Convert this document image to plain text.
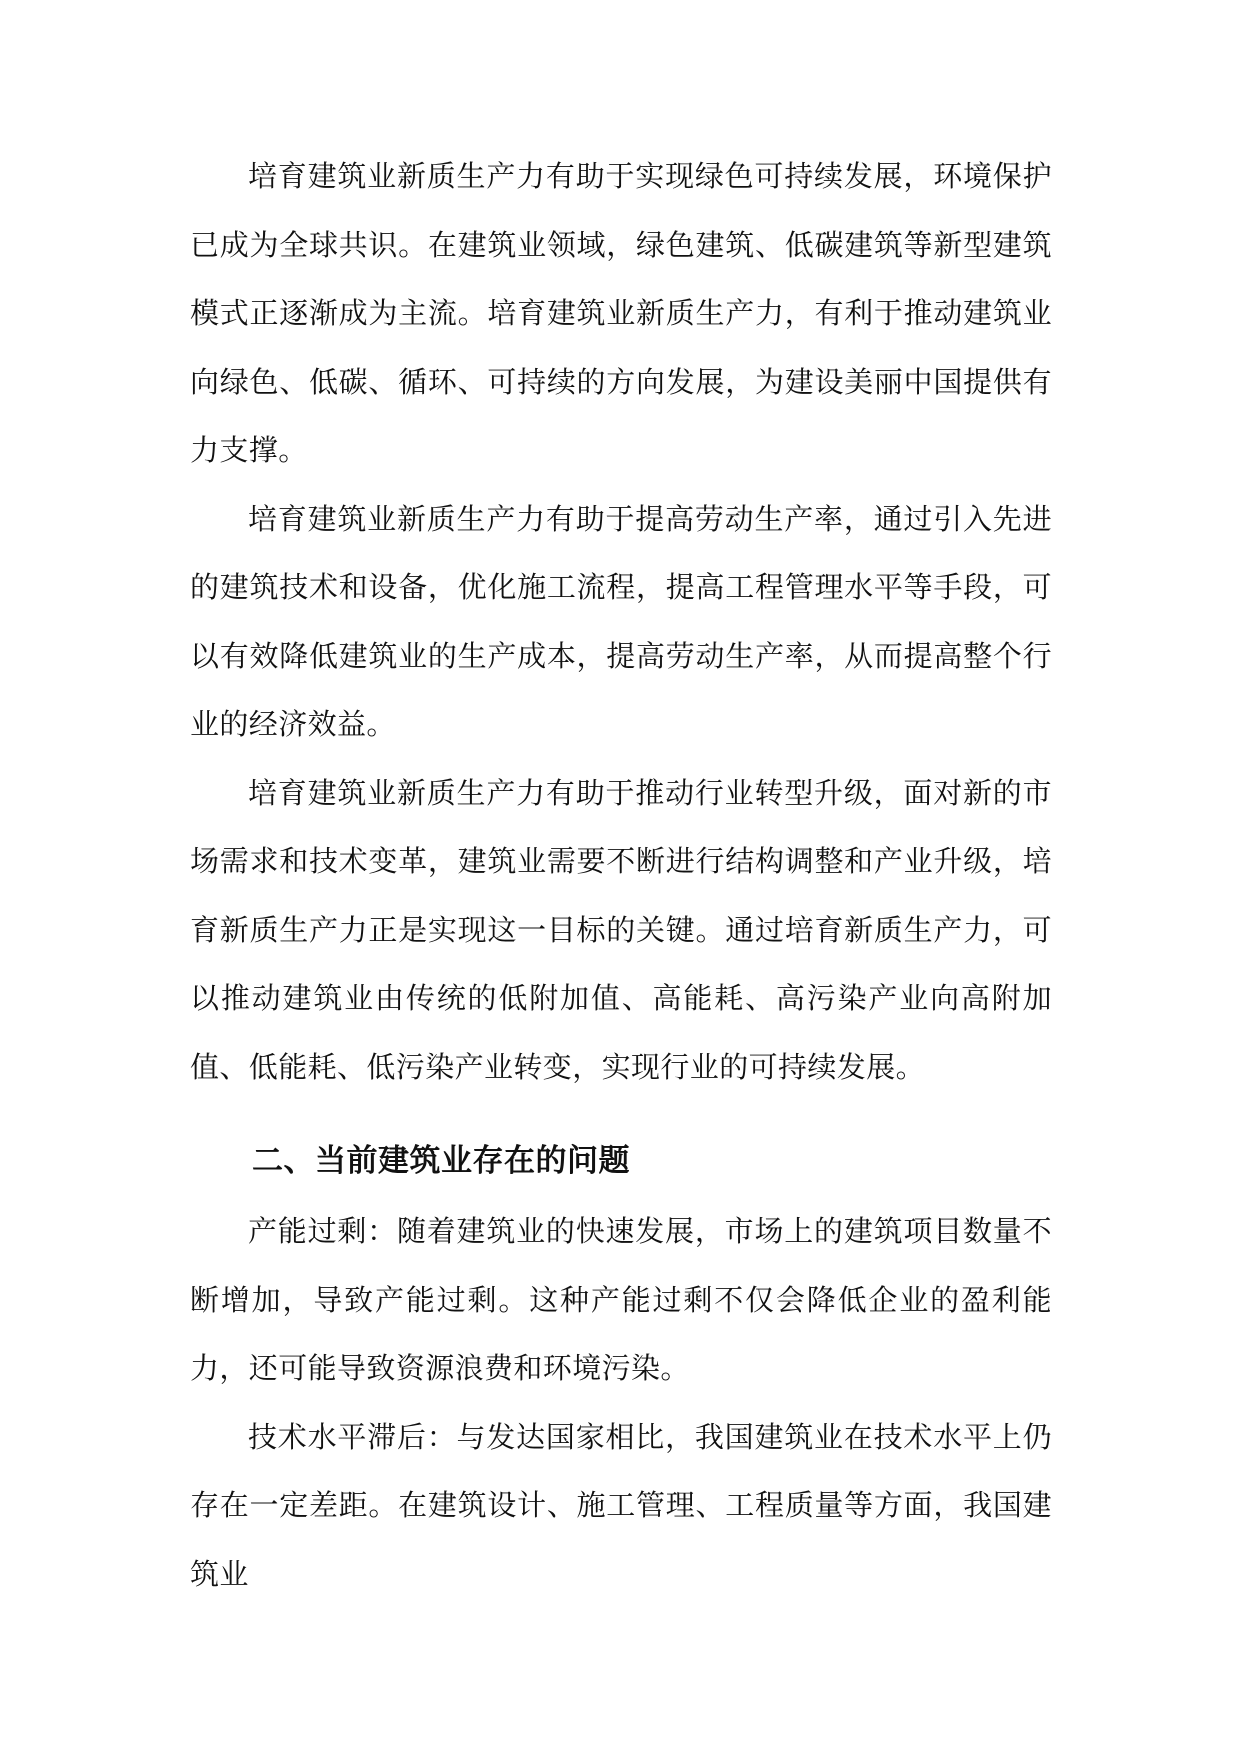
培育建筑业新质生产力有助于实现绿色可持续发展，环境保护已成为全球共识。在建筑业领域，绿色建筑、低碳建筑等新型建筑模式正逐渐成为主流。培育建筑业新质生产力，有利于推动建筑业向绿色、低碳、循环、可持续的方向发展，为建设美丽中国提供有力支撑。

培育建筑业新质生产力有助于提高劳动生产率，通过引入先进的建筑技术和设备，优化施工流程，提高工程管理水平等手段，可以有效降低建筑业的生产成本，提高劳动生产率，从而提高整个行业的经济效益。

培育建筑业新质生产力有助于推动行业转型升级，面对新的市场需求和技术变革，建筑业需要不断进行结构调整和产业升级，培育新质生产力正是实现这一目标的关键。通过培育新质生产力，可以推动建筑业由传统的低附加值、高能耗、高污染产业向高附加值、低能耗、低污染产业转变，实现行业的可持续发展。

二、当前建筑业存在的问题

产能过剩：随着建筑业的快速发展，市场上的建筑项目数量不断增加，导致产能过剩。这种产能过剩不仅会降低企业的盈利能力，还可能导致资源浪费和环境污染。

技术水平滞后：与发达国家相比，我国建筑业在技术水平上仍存在一定差距。在建筑设计、施工管理、工程质量等方面，我国建筑业
